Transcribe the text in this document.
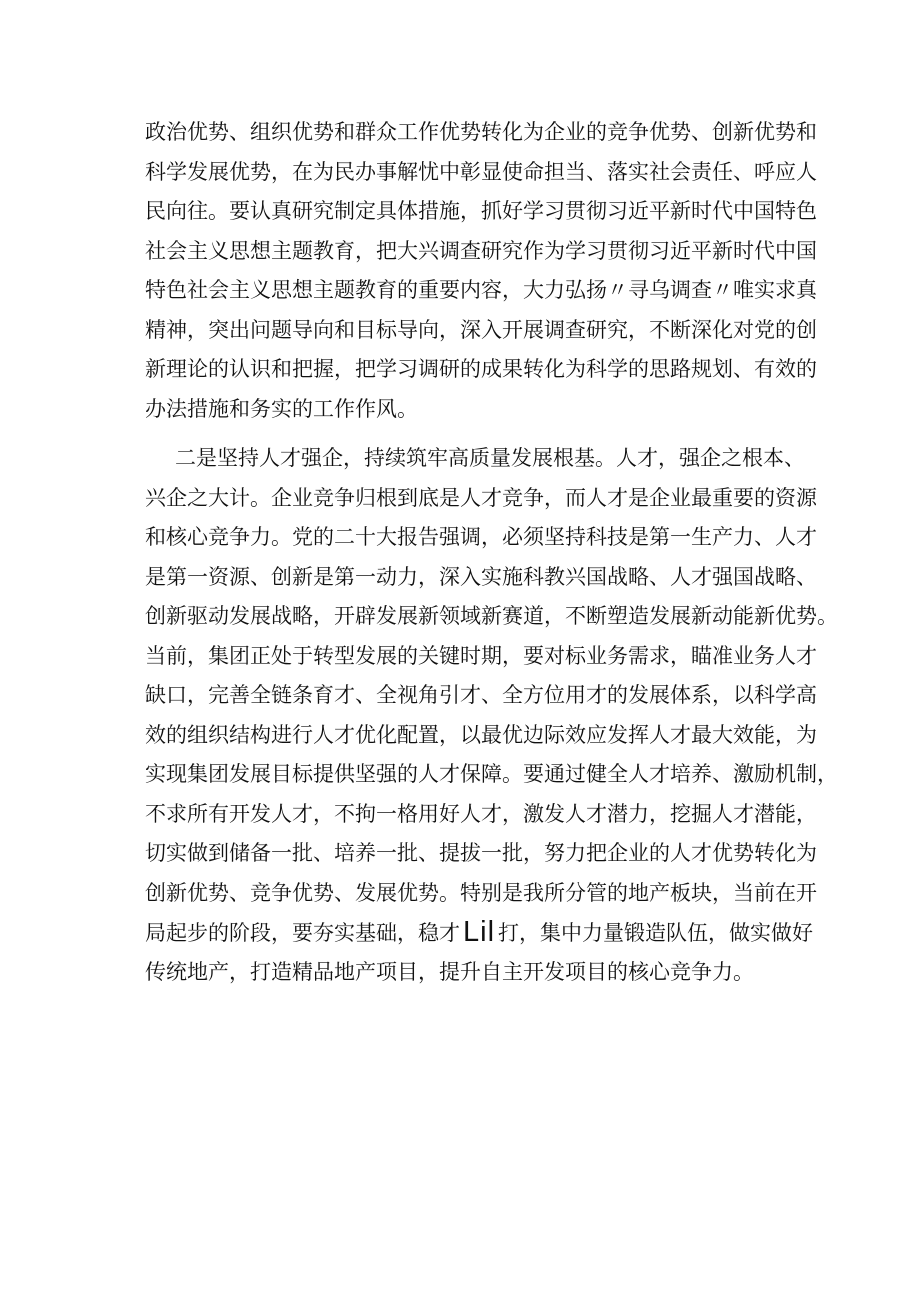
政治优势、组织优势和群众工作优势转化为企业的竞争优势、创新优势和
科学发展优势，在为民办事解忧中彰显使命担当、落实社会责任、呼应人
民向往。要认真研究制定具体措施，抓好学习贯彻习近平新时代中国特色
社会主义思想主题教育，把大兴调查研究作为学习贯彻习近平新时代中国
特色社会主义思想主题教育的重要内容，大力弘扬〃寻乌调查〃唯实求真
精神，突出问题导向和目标导向，深入开展调查研究，不断深化对党的创
新理论的认识和把握，把学习调研的成果转化为科学的思路规划、有效的
办法措施和务实的工作作风。
二是坚持人才强企，持续筑牢高质量发展根基。人才，强企之根本、
兴企之大计。企业竞争归根到底是人才竞争，而人才是企业最重要的资源
和核心竞争力。党的二十大报告强调，必须坚持科技是第一生产力、人才
是第一资源、创新是第一动力，深入实施科教兴国战略、人才强国战略、
创新驱动发展战略，开辟发展新领域新赛道，不断塑造发展新动能新优势。
当前，集团正处于转型发展的关键时期，要对标业务需求，瞄准业务人才
缺口，完善全链条育才、全视角引才、全方位用才的发展体系，以科学高
效的组织结构进行人才优化配置，以最优边际效应发挥人才最大效能，为
实现集团发展目标提供坚强的人才保障。要通过健全人才培养、激励机制，
不求所有开发人才，不拘一格用好人才，激发人才潜力，挖掘人才潜能，
切实做到储备一批、培养一批、提拔一批，努力把企业的人才优势转化为
创新优势、竞争优势、发展优势。特别是我所分管的地产板块，当前在开
局起步的阶段，要夯实基础，稳才 Lil 打，集中力量锻造队伍，做实做好
传统地产，打造精品地产项目，提升自主开发项目的核心竞争力。
